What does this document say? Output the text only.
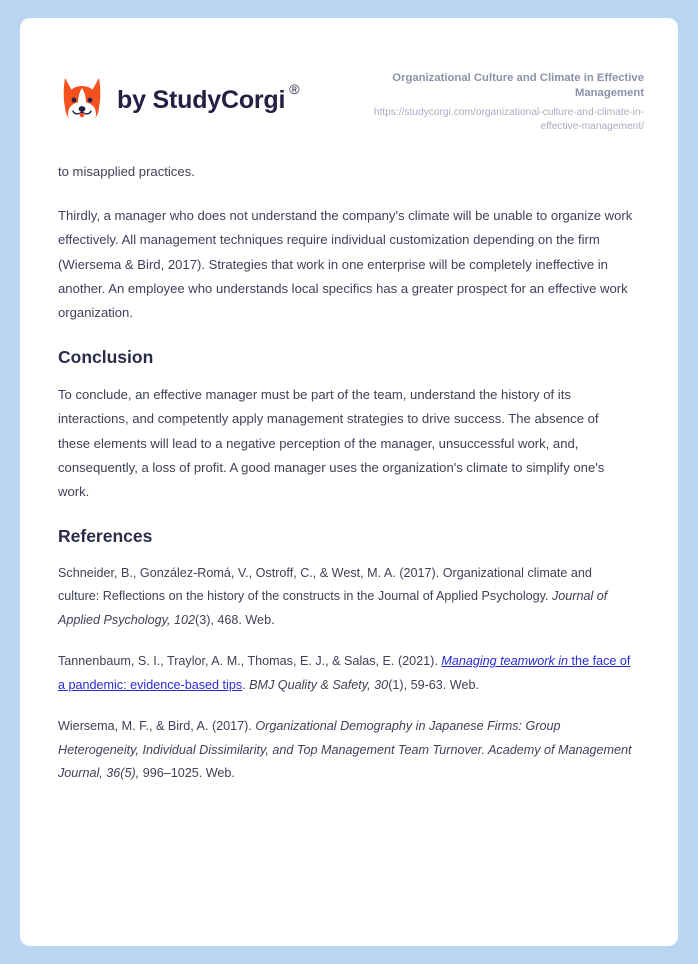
by StudyCorgi ®

Organizational Culture and Climate in Effective Management

https://studycorgi.com/organizational-culture-and-climate-in-effective-management/

to misapplied practices.

Thirdly, a manager who does not understand the company's climate will be unable to organize work effectively. All management techniques require individual customization depending on the firm (Wiersema & Bird, 2017). Strategies that work in one enterprise will be completely ineffective in another. An employee who understands local specifics has a greater prospect for an effective work organization.

Conclusion

To conclude, an effective manager must be part of the team, understand the history of its interactions, and competently apply management strategies to drive success. The absence of these elements will lead to a negative perception of the manager, unsuccessful work, and, consequently, a loss of profit. A good manager uses the organization's climate to simplify one's work.

References

Schneider, B., González-Romá, V., Ostroff, C., & West, M. A. (2017). Organizational climate and culture: Reflections on the history of the constructs in the Journal of Applied Psychology. Journal of Applied Psychology, 102(3), 468. Web.

Tannenbaum, S. I., Traylor, A. M., Thomas, E. J., & Salas, E. (2021). Managing teamwork in the face of a pandemic: evidence-based tips. BMJ Quality & Safety, 30(1), 59-63. Web.

Wiersema, M. F., & Bird, A. (2017). Organizational Demography in Japanese Firms: Group Heterogeneity, Individual Dissimilarity, and Top Management Team Turnover. Academy of Management Journal, 36(5), 996–1025. Web.
